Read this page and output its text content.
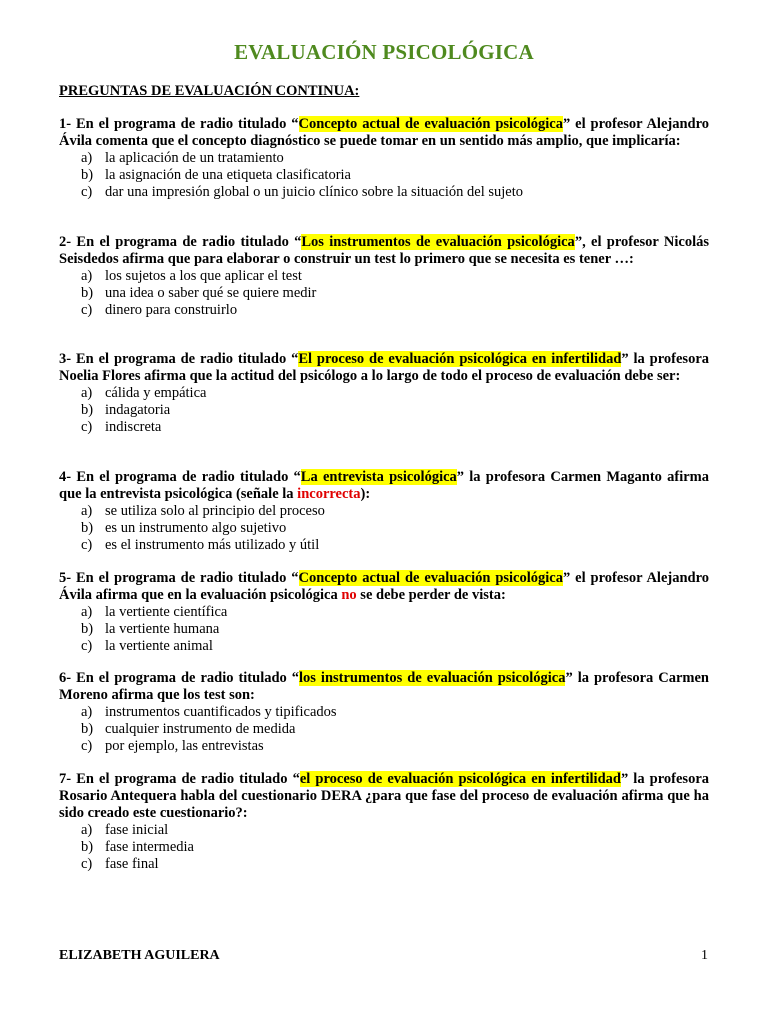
EVALUACIÓN PSICOLÓGICA
PREGUNTAS DE EVALUACIÓN CONTINUA:
1- En el programa de radio titulado “Concepto actual de evaluación psicológica” el profesor Alejandro Ávila comenta que el concepto diagnóstico se puede tomar en un sentido más amplio, que implicaría:
a) la aplicación de un tratamiento
b) la asignación de una etiqueta clasificatoria
c) dar una impresión global o un juicio clínico sobre la situación del sujeto
2- En el programa de radio titulado “Los instrumentos de evaluación psicológica”, el profesor Nicolás Seisdedos afirma que para elaborar o construir un test lo primero que se necesita es tener …:
a) los sujetos a los que aplicar el test
b) una idea o saber qué se quiere medir
c) dinero para construirlo
3- En el programa de radio titulado “El proceso de evaluación psicológica en infertilidad” la profesora Noelia Flores afirma que la actitud del psicólogo a lo largo de todo el proceso de evaluación debe ser:
a) cálida y empática
b) indagatoria
c) indiscreta
4- En el programa de radio titulado “La entrevista psicológica” la profesora Carmen Maganto afirma que la entrevista psicológica (señale la incorrecta):
a) se utiliza solo al principio del proceso
b) es un instrumento algo sujetivo
c) es el instrumento más utilizado y útil
5- En el programa de radio titulado “Concepto actual de evaluación psicológica” el profesor Alejandro Ávila afirma que en la evaluación psicológica no se debe perder de vista:
a) la vertiente científica
b) la vertiente humana
c) la vertiente animal
6- En el programa de radio titulado “los instrumentos de evaluación psicológica” la profesora Carmen Moreno afirma que los test son:
a) instrumentos cuantificados y tipificados
b) cualquier instrumento de medida
c) por ejemplo, las entrevistas
7- En el programa de radio titulado “el proceso de evaluación psicológica en infertilidad” la profesora Rosario Antequera habla del cuestionario DERA ¿para que fase del proceso de evaluación afirma que ha sido creado este cuestionario?:
a) fase inicial
b) fase intermedia
c) fase final
ELIZABETH AGUILERA	1
